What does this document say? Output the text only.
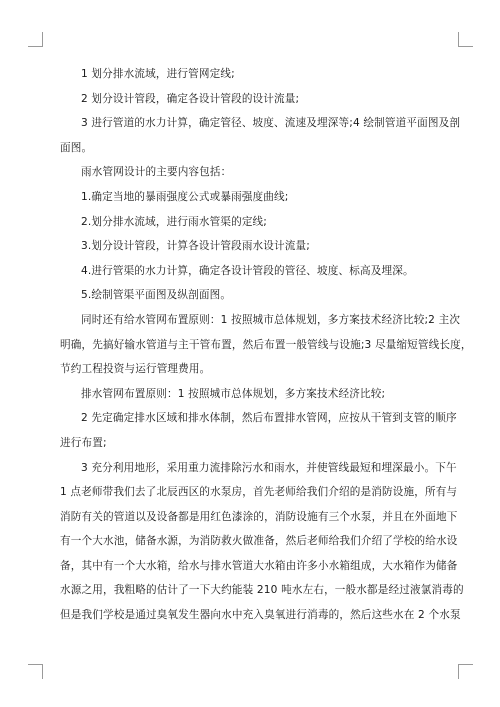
1 划分排水流域，进行管网定线;
2 划分设计管段，确定各设计管段的设计流量;
3 进行管道的水力计算，确定管径、坡度、流速及埋深等;4 绘制管道平面图及剖
面图。
雨水管网设计的主要内容包括：
1.确定当地的暴雨强度公式或暴雨强度曲线;
2.划分排水流域，进行雨水管渠的定线;
3.划分设计管段，计算各设计管段雨水设计流量;
4.进行管渠的水力计算，确定各设计管段的管径、坡度、标高及埋深。
5.绘制管渠平面图及纵剖面图。
同时还有给水管网布置原则：1 按照城市总体规划，多方案技术经济比较;2 主次
明确，先搞好输水管道与主干管布置，然后布置一般管线与设施;3 尽量缩短管线长度，
节约工程投资与运行管理费用。
排水管网布置原则：1 按照城市总体规划，多方案技术经济比较;
2 先定确定排水区域和排水体制，然后布置排水管网，应按从干管到支管的顺序
进行布置;
3 充分利用地形，采用重力流排除污水和雨水，并使管线最短和埋深最小。下午
1 点老师带我们去了北辰西区的水泵房，首先老师给我们介绍的是消防设施，所有与
消防有关的管道以及设备都是用红色漆涂的，消防设施有三个水泵，并且在外面地下
有一个大水池，储备水源，为消防救火做准备，然后老师给我们介绍了学校的给水设
备，其中有一个大水箱，给水与排水管道大水箱由许多小水箱组成，大水箱作为储备
水源之用，我粗略的估计了一下大约能装 210 吨水左右，一般水都是经过液氯消毒的
但是我们学校是通过臭氧发生器向水中充入臭氧进行消毒的，然后这些水在 2 个水泵
